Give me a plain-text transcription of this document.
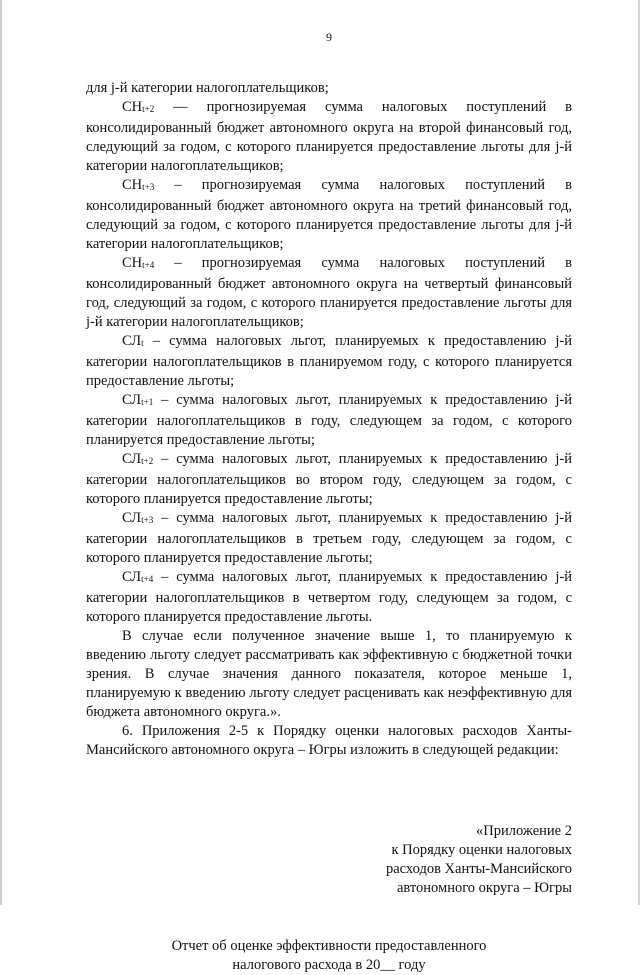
9

для j-й категории налогоплательщиков;

$СН_{t+2}$ — прогнозируемая сумма налоговых поступлений в консолидированный бюджет автономного округа на второй финансовый год, следующий за годом, с которого планируется предоставление льготы для j-й категории налогоплательщиков;

$СН_{t+3}$ – прогнозируемая сумма налоговых поступлений в консолидированный бюджет автономного округа на третий финансовый год, следующий за годом, с которого планируется предоставление льготы для j-й категории налогоплательщиков;

$СН_{t+4}$ – прогнозируемая сумма налоговых поступлений в консолидированный бюджет автономного округа на четвертый финансовый год, следующий за годом, с которого планируется предоставление льготы для j-й категории налогоплательщиков;

$СЛ_t$ – сумма налоговых льгот, планируемых к предоставлению j-й категории налогоплательщиков в планируемом году, с которого планируется предоставление льготы;

$СЛ_{t+1}$ – сумма налоговых льгот, планируемых к предоставлению j-й категории налогоплательщиков в году, следующем за годом, с которого планируется предоставление льготы;

$СЛ_{t+2}$ – сумма налоговых льгот, планируемых к предоставлению j-й категории налогоплательщиков во втором году, следующем за годом, с которого планируется предоставление льготы;

$СЛ_{t+3}$ – сумма налоговых льгот, планируемых к предоставлению j-й категории налогоплательщиков в третьем году, следующем за годом, с которого планируется предоставление льготы;

$СЛ_{t+4}$ – сумма налоговых льгот, планируемых к предоставлению j-й категории налогоплательщиков в четвертом году, следующем за годом, с которого планируется предоставление льготы.

В случае если полученное значение выше 1, то планируемую к введению льготу следует рассматривать как эффективную с бюджетной точки зрения. В случае значения данного показателя, которое меньше 1, планируемую к введению льготу следует расценивать как неэффективную для бюджета автономного округа.».

6. Приложения 2-5 к Порядку оценки налоговых расходов Ханты-Мансийского автономного округа – Югры изложить в следующей редакции:

«Приложение 2
к Порядку оценки налоговых
расходов Ханты-Мансийского
автономного округа – Югры
Отчет об оценке эффективности предоставленного
налогового расхода в 20__ году
